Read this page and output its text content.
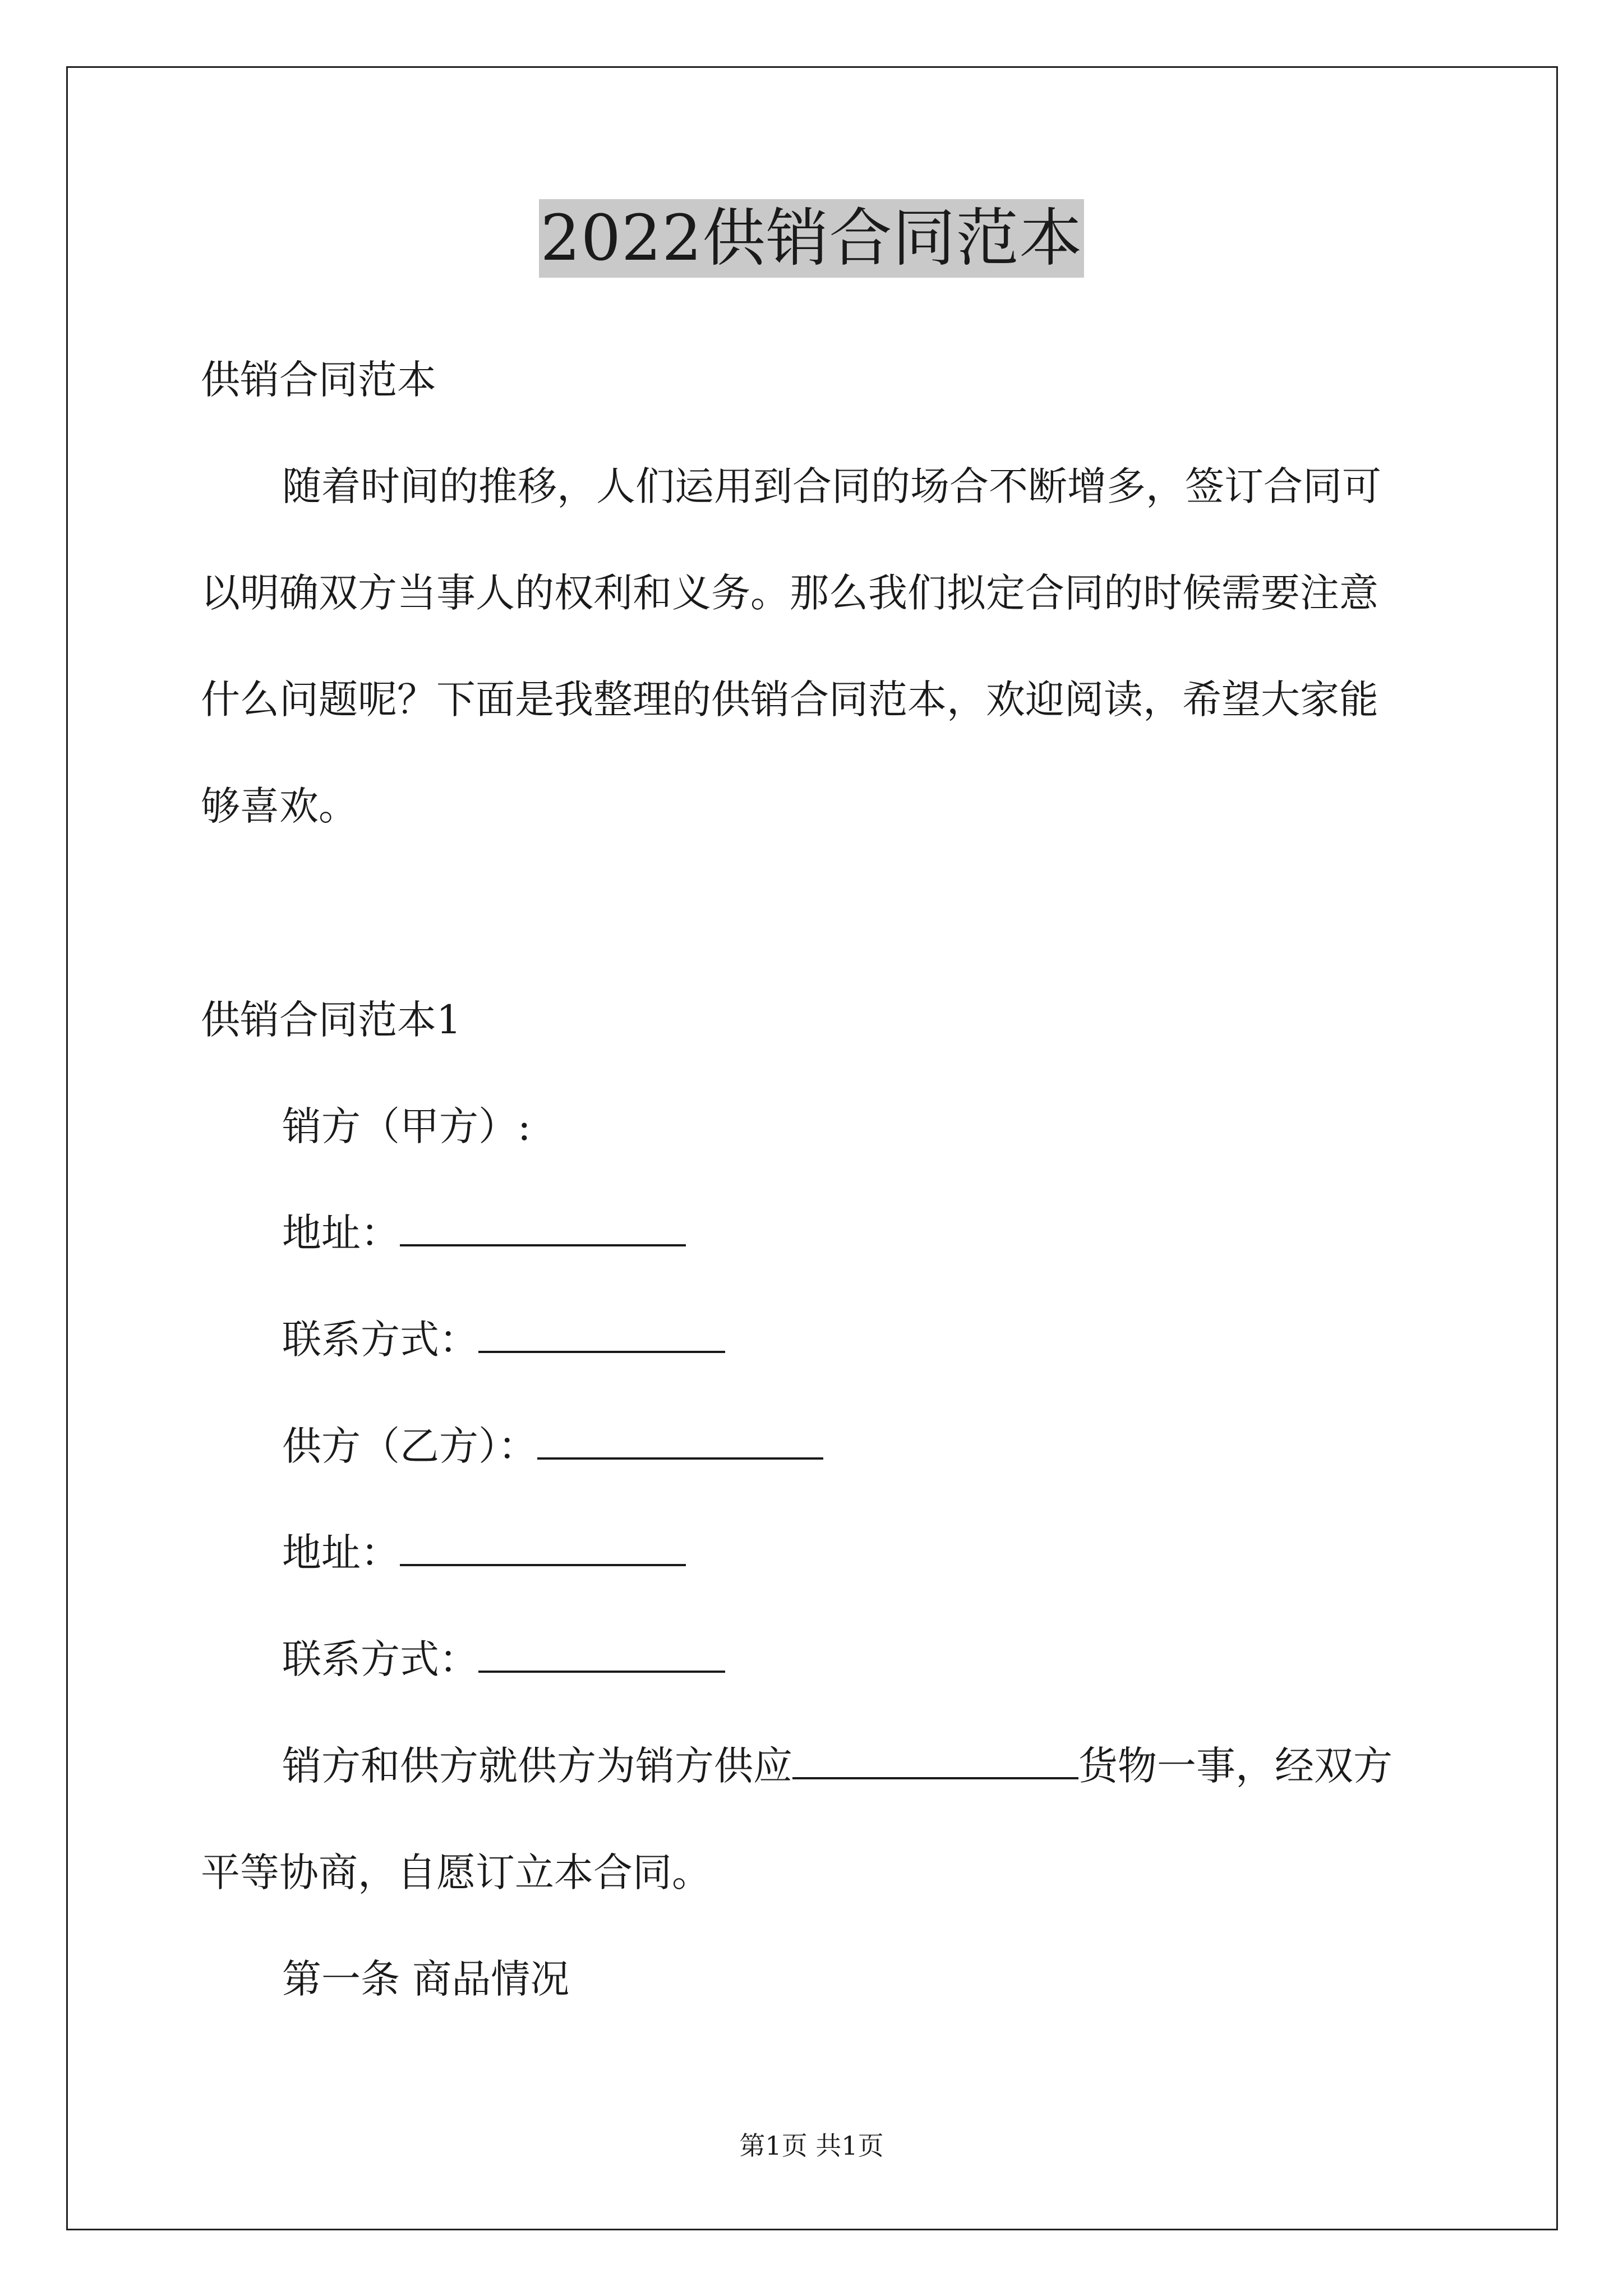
2022供销合同范本
供销合同范本
随着时间的推移，人们运用到合同的场合不断增多，签订合同可
以明确双方当事人的权利和义务。那么我们拟定合同的时候需要注意
什么问题呢？下面是我整理的供销合同范本，欢迎阅读，希望大家能
够喜欢。
供销合同范本1
销方（甲方）:
地址：
联系方式：
供方（乙方）：
地址：
联系方式：
销方和供方就供方为销方供应	货物一事，经双方
平等协商，自愿订立本合同。
第一条 商品情况
第1页 共1页
